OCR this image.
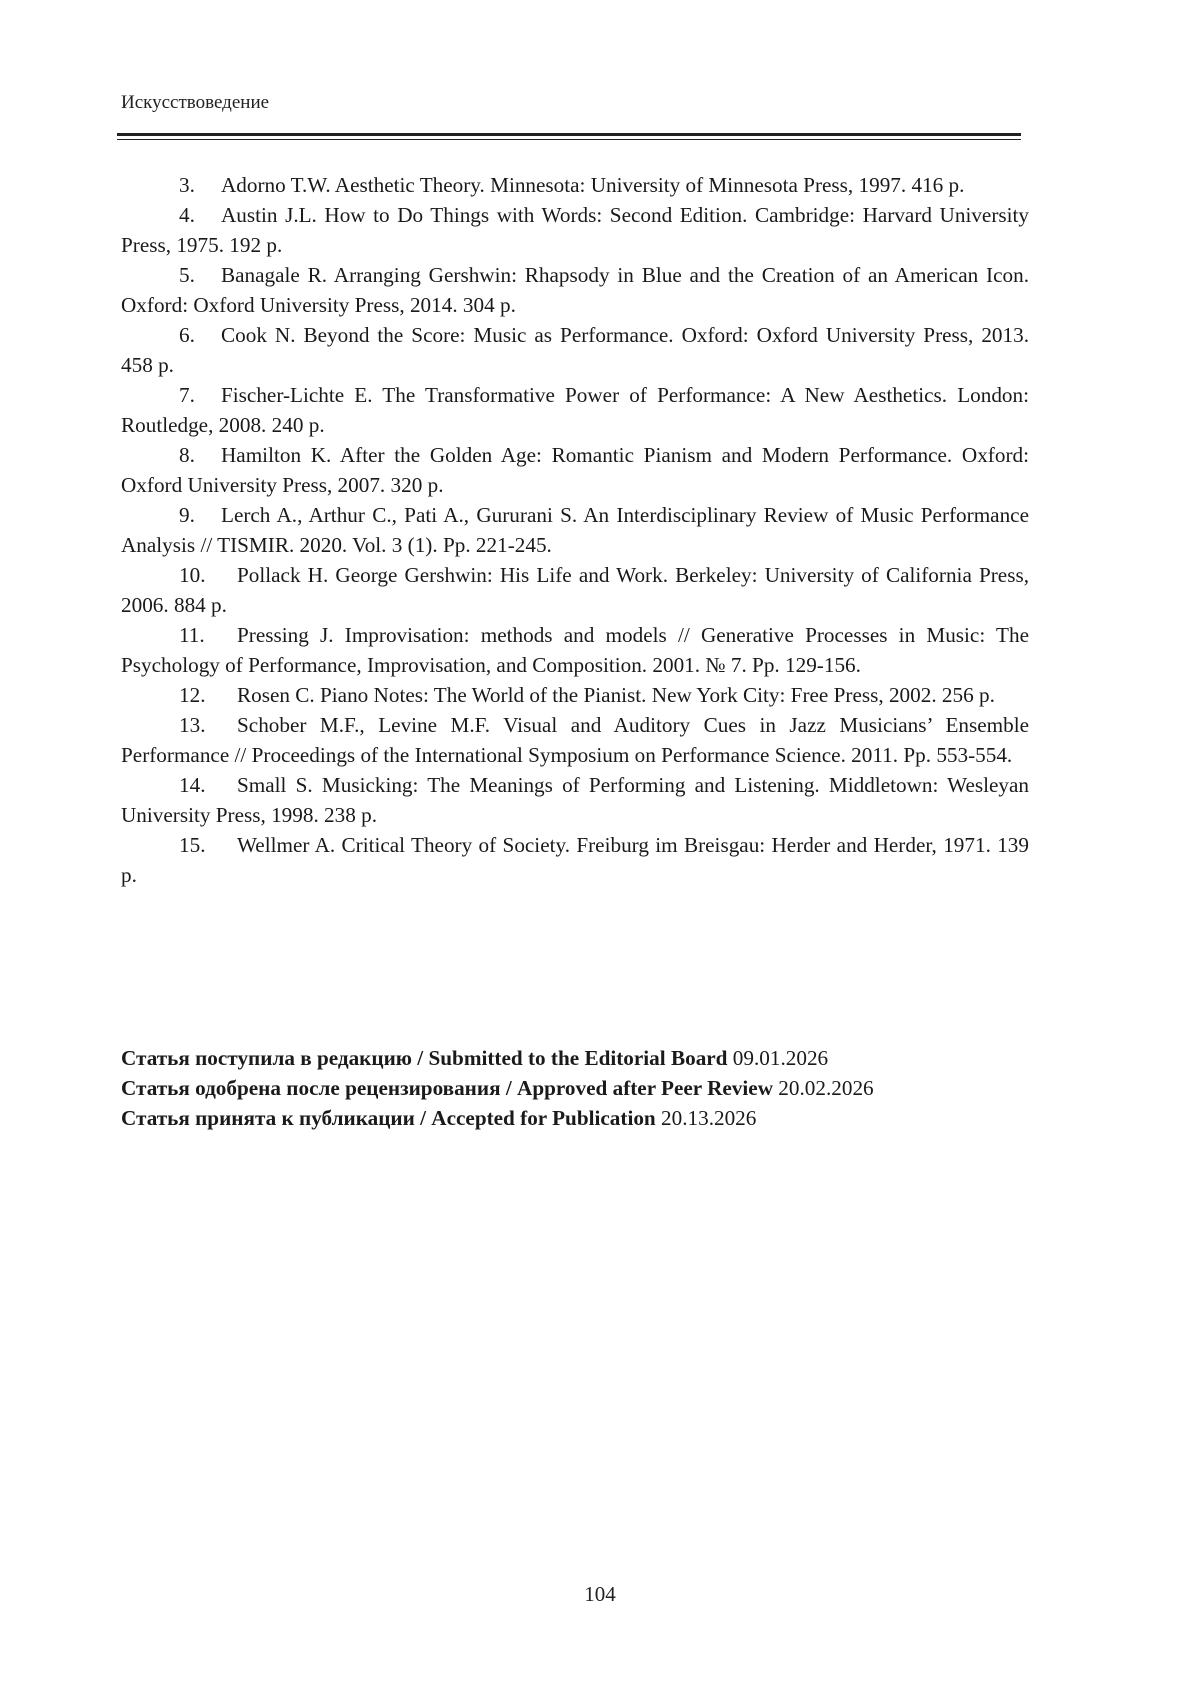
Искусствоведение
3. Adorno T.W. Aesthetic Theory. Minnesota: University of Minnesota Press, 1997. 416 p.
4. Austin J.L. How to Do Things with Words: Second Edition. Cambridge: Harvard University Press, 1975. 192 p.
5. Banagale R. Arranging Gershwin: Rhapsody in Blue and the Creation of an American Icon. Oxford: Oxford University Press, 2014. 304 p.
6. Cook N. Beyond the Score: Music as Performance. Oxford: Oxford University Press, 2013. 458 p.
7. Fischer-Lichte E. The Transformative Power of Performance: A New Aesthetics. London: Routledge, 2008. 240 p.
8. Hamilton K. After the Golden Age: Romantic Pianism and Modern Performance. Oxford: Oxford University Press, 2007. 320 p.
9. Lerch A., Arthur C., Pati A., Gururani S. An Interdisciplinary Review of Music Performance Analysis // TISMIR. 2020. Vol. 3 (1). Pp. 221-245.
10. Pollack H. George Gershwin: His Life and Work. Berkeley: University of California Press, 2006. 884 p.
11. Pressing J. Improvisation: methods and models // Generative Processes in Music: The Psychology of Performance, Improvisation, and Composition. 2001. № 7. Pp. 129-156.
12. Rosen C. Piano Notes: The World of the Pianist. New York City: Free Press, 2002. 256 p.
13. Schober M.F., Levine M.F. Visual and Auditory Cues in Jazz Musicians’ Ensemble Performance // Proceedings of the International Symposium on Performance Science. 2011. Pp. 553-554.
14. Small S. Musicking: The Meanings of Performing and Listening. Middletown: Wesleyan University Press, 1998. 238 p.
15. Wellmer A. Critical Theory of Society. Freiburg im Breisgau: Herder and Herder, 1971. 139 p.
Статья поступила в редакцию / Submitted to the Editorial Board 09.01.2026
Статья одобрена после рецензирования / Approved after Peer Review 20.02.2026
Статья принята к публикации / Accepted for Publication 20.13.2026
104
